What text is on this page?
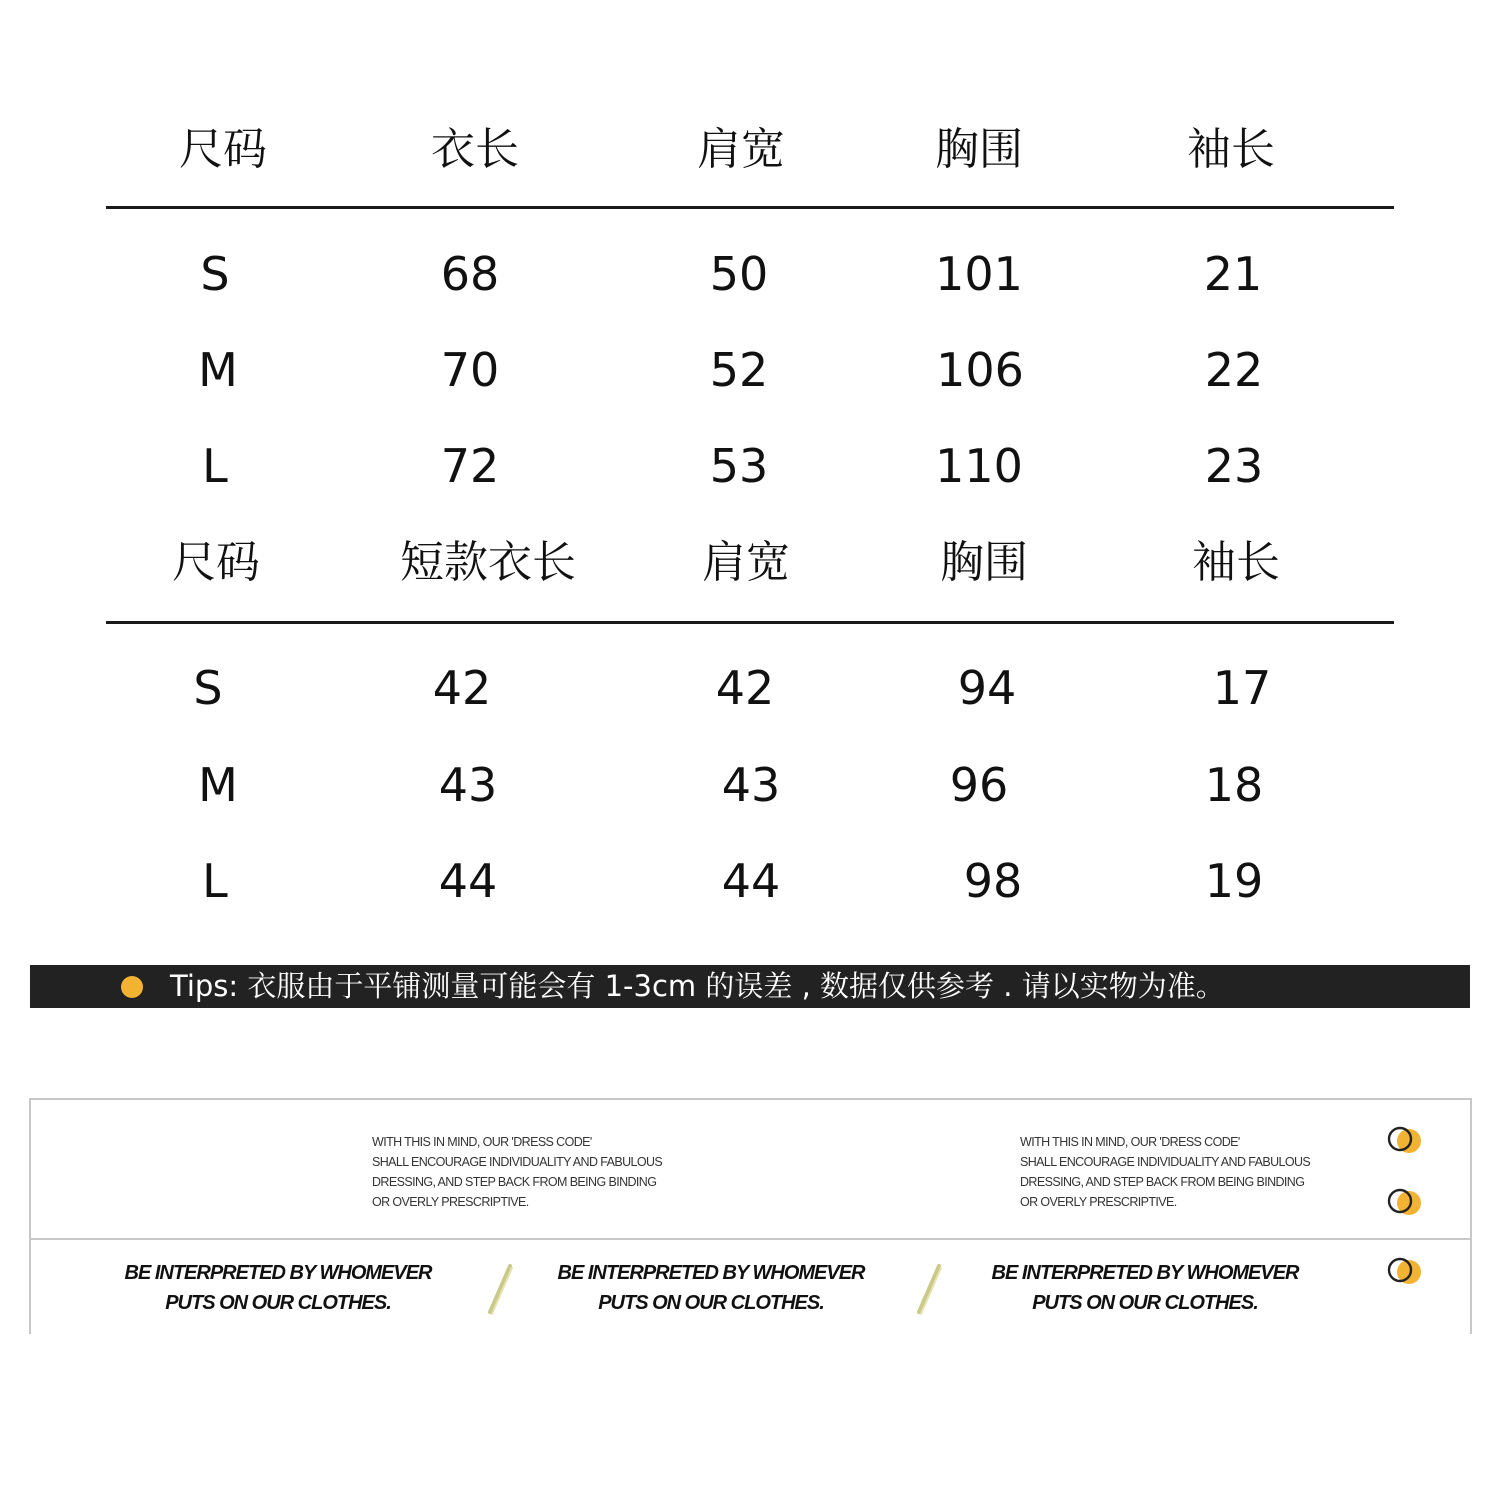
尺码	衣长	肩宽	胸围	袖长
S	68	50	101	21
M	70	52	106	22
L	72	53	110	23
尺码	短款衣长	肩宽	胸围	袖长
S	42	42	94	17
M	43	43	96	18
L	44	44	98	19
Tips: 衣服由于平铺测量可能会有 1-3cm 的误差 , 数据仅供参考 . 请以实物为准。
WITH THIS IN MIND, OUR 'DRESS CODE'
SHALL ENCOURAGE INDIVIDUALITY AND FABULOUS
DRESSING, AND STEP BACK FROM BEING BINDING
OR OVERLY PRESCRIPTIVE.
WITH THIS IN MIND, OUR 'DRESS CODE'
SHALL ENCOURAGE INDIVIDUALITY AND FABULOUS
DRESSING, AND STEP BACK FROM BEING BINDING
OR OVERLY PRESCRIPTIVE.
BE INTERPRETED BY WHOMEVER
PUTS ON OUR CLOTHES.
BE INTERPRETED BY WHOMEVER
PUTS ON OUR CLOTHES.
BE INTERPRETED BY WHOMEVER
PUTS ON OUR CLOTHES.
